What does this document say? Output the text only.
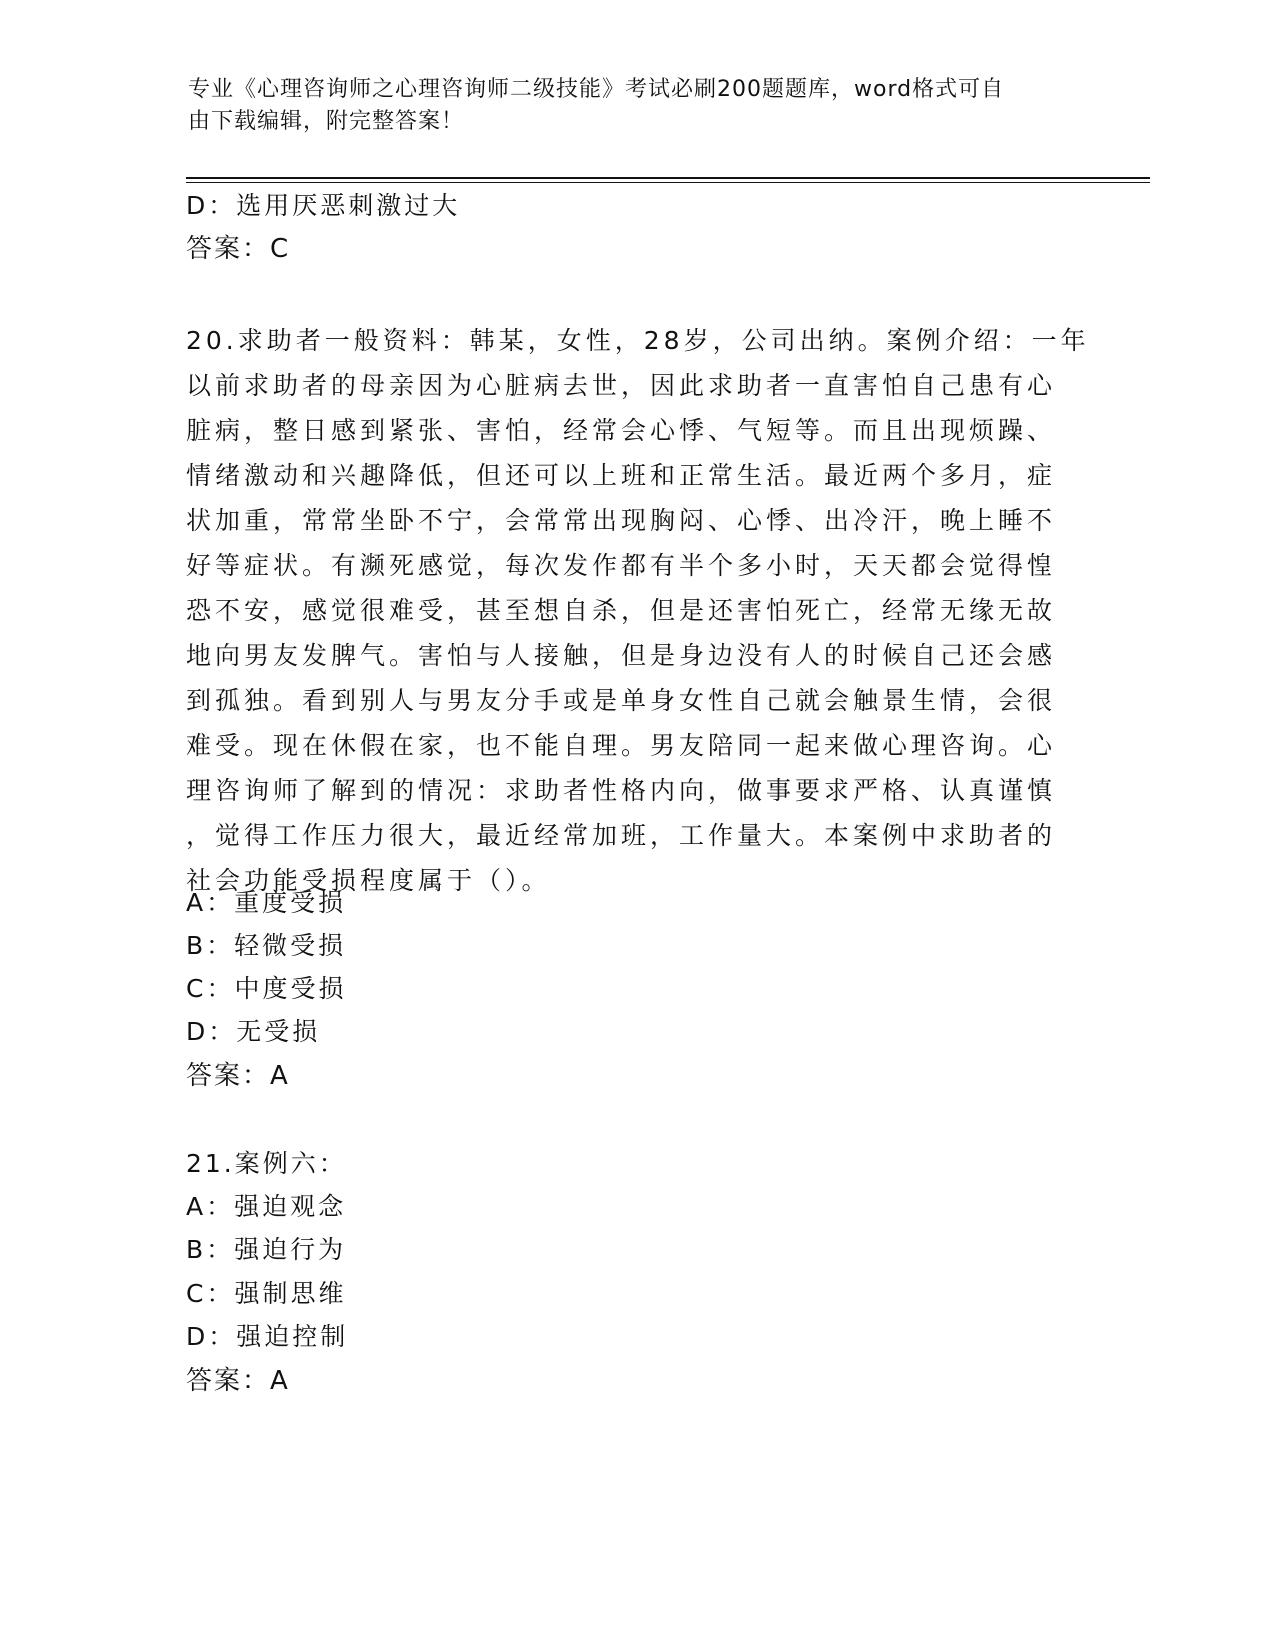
专业《心理咨询师之心理咨询师二级技能》考试必刷200题题库，word格式可自
由下载编辑，附完整答案！
D：选用厌恶刺激过大
答案：C
20.求助者一般资料：韩某，女性，28岁，公司出纳。案例介绍：一年
以前求助者的母亲因为心脏病去世，因此求助者一直害怕自己患有心
脏病，整日感到紧张、害怕，经常会心悸、气短等。而且出现烦躁、
情绪激动和兴趣降低，但还可以上班和正常生活。最近两个多月，症
状加重，常常坐卧不宁，会常常出现胸闷、心悸、出冷汗，晚上睡不
好等症状。有濒死感觉，每次发作都有半个多小时，天天都会觉得惶
恐不安，感觉很难受，甚至想自杀，但是还害怕死亡，经常无缘无故
地向男友发脾气。害怕与人接触，但是身边没有人的时候自己还会感
到孤独。看到别人与男友分手或是单身女性自己就会触景生情，会很
难受。现在休假在家，也不能自理。男友陪同一起来做心理咨询。心
理咨询师了解到的情况：求助者性格内向，做事要求严格、认真谨慎
，觉得工作压力很大，最近经常加班，工作量大。本案例中求助者的
社会功能受损程度属于（）。
A：重度受损
B：轻微受损
C：中度受损
D：无受损
答案：A
21.案例六：
A：强迫观念
B：强迫行为
C：强制思维
D：强迫控制
答案：A
